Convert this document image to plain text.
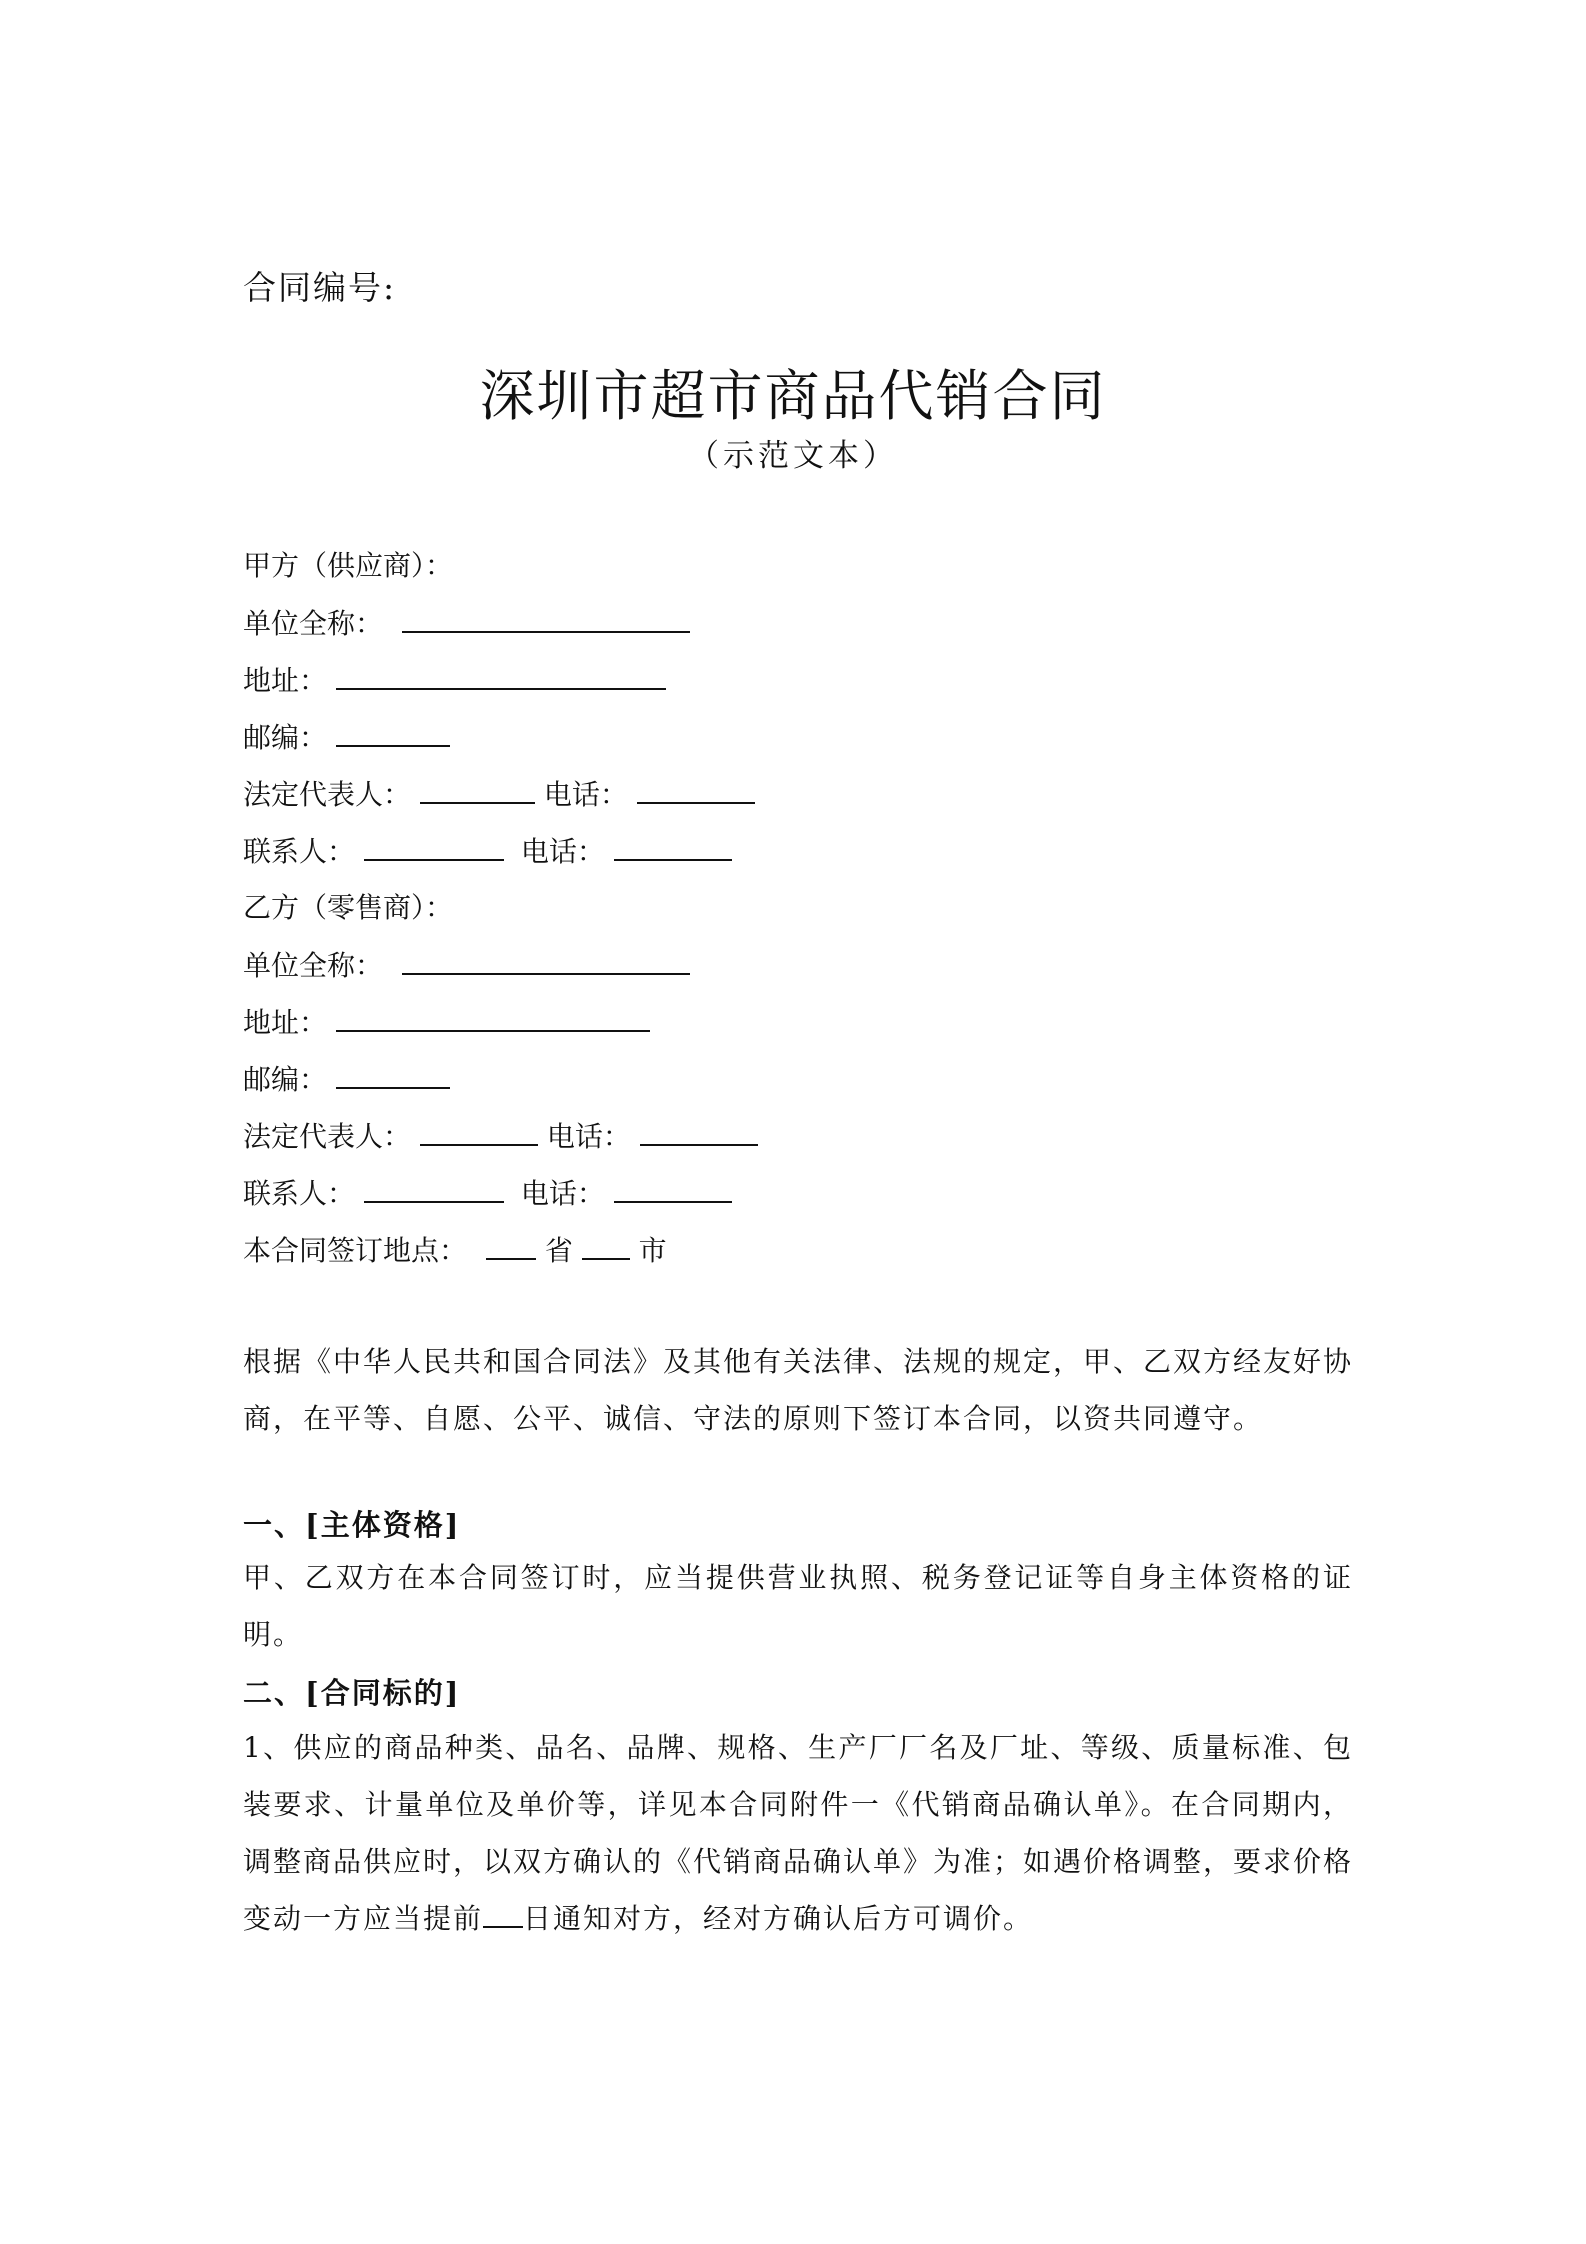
合同编号:
深圳市超市商品代销合同
（示范文本）
甲方（供应商）：
单位全称：
地址：
邮编：
法定代表人：	电话：
联系人：	电话：
乙方（零售商）：
单位全称：
地址：
邮编：
法定代表人：	电话：
联系人：	电话：
本合同签订地点：	省 市
根据《中华人民共和国合同法》及其他有关法律、法规的规定，甲、乙双方经友好协商，在平等、自愿、公平、诚信、守法的原则下签订本合同，以资共同遵守。
一、[主体资格]
甲、乙双方在本合同签订时，应当提供营业执照、税务登记证等自身主体资格的证明。
二、[合同标的]
1、供应的商品种类、品名、品牌、规格、生产厂厂名及厂址、等级、质量标准、包装要求、计量单位及单价等，详见本合同附件一《代销商品确认单》。在合同期内，调整商品供应时，以双方确认的《代销商品确认单》为准；如遇价格调整，要求价格变动一方应当提前 日通知对方，经对方确认后方可调价。
